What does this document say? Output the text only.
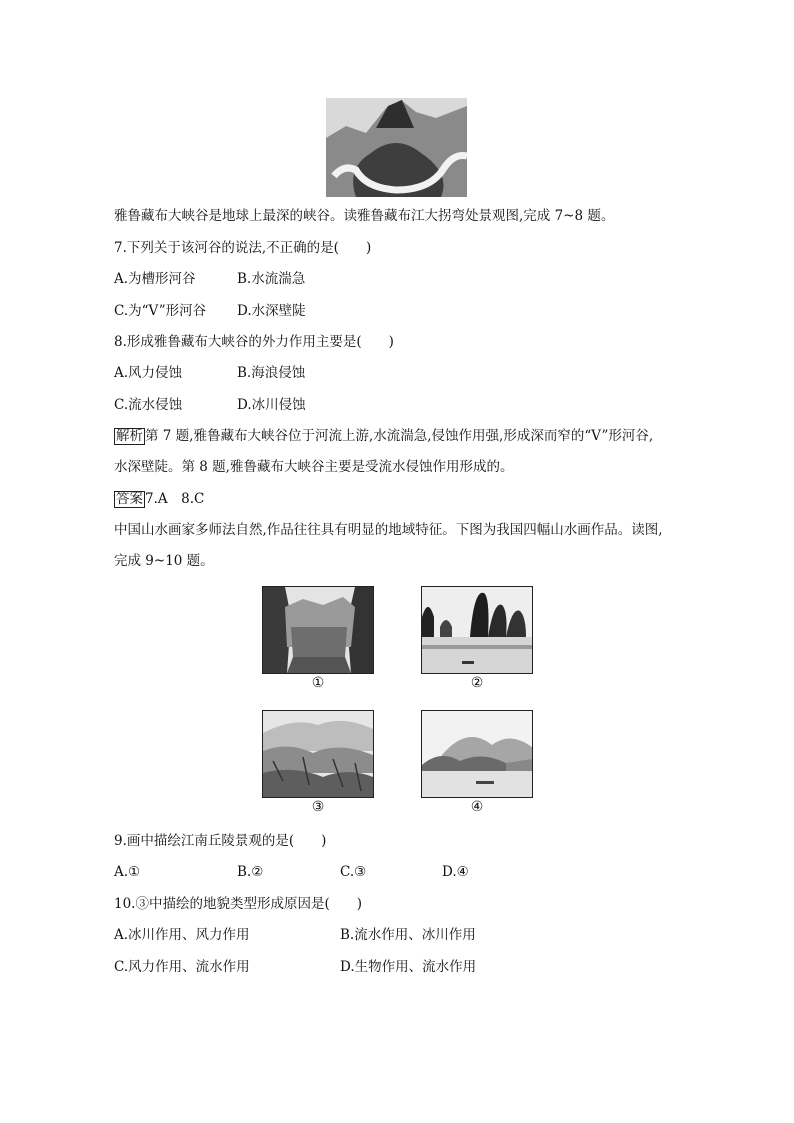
雅鲁藏布大峡谷是地球上最深的峡谷。读雅鲁藏布江大拐弯处景观图,完成 7~8 题。
7.下列关于该河谷的说法,不正确的是(　　)
A.为槽形河谷	B.水流湍急
C.为“V”形河谷 D.水深壁陡
8.形成雅鲁藏布大峡谷的外力作用主要是(　　)
A.风力侵蚀	B.海浪侵蚀
C.流水侵蚀	D.冰川侵蚀
解析 第 7 题,雅鲁藏布大峡谷位于河流上游,水流湍急,侵蚀作用强,形成深而窄的“V”形河谷,
水深壁陡。第 8 题,雅鲁藏布大峡谷主要是受流水侵蚀作用形成的。
答案 7.A　8.C
中国山水画家多师法自然,作品往往具有明显的地域特征。下图为我国四幅山水画作品。读图,
完成 9~10 题。
①	②
③	④
9.画中描绘江南丘陵景观的是(　　)
A.①	B.②	C.③	D.④
10.③中描绘的地貌类型形成原因是(　　)
A.冰川作用、风力作用	B.流水作用、冰川作用
C.风力作用、流水作用	D.生物作用、流水作用
